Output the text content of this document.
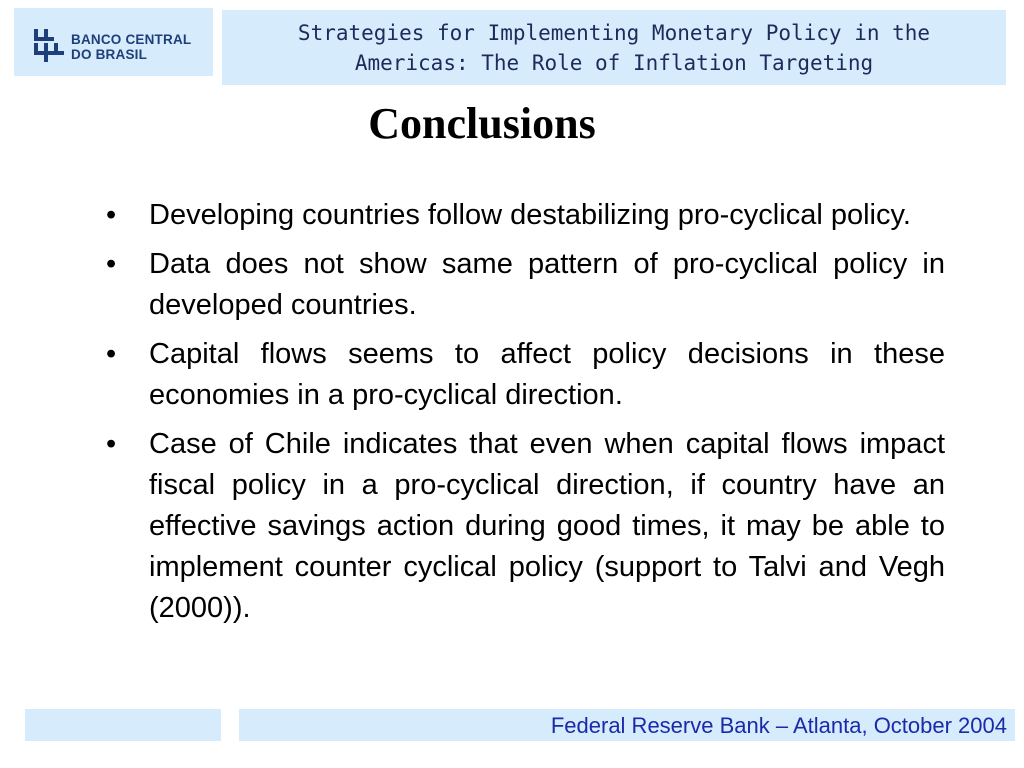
BANCO CENTRAL
DO BRASIL
Strategies for Implementing Monetary Policy in the
Americas: The Role of Inflation Targeting
Conclusions
• Developing countries follow destabilizing pro-cyclical policy.
• Data does not show same pattern of pro-cyclical policy in developed countries.
• Capital flows seems to affect policy decisions in these economies in a pro-cyclical direction.
• Case of Chile indicates that even when capital flows impact fiscal policy in a pro-cyclical direction, if country have an effective savings action during good times, it may be able to implement counter cyclical policy (support to Talvi and Vegh (2000)).
Federal Reserve Bank – Atlanta, October 2004
